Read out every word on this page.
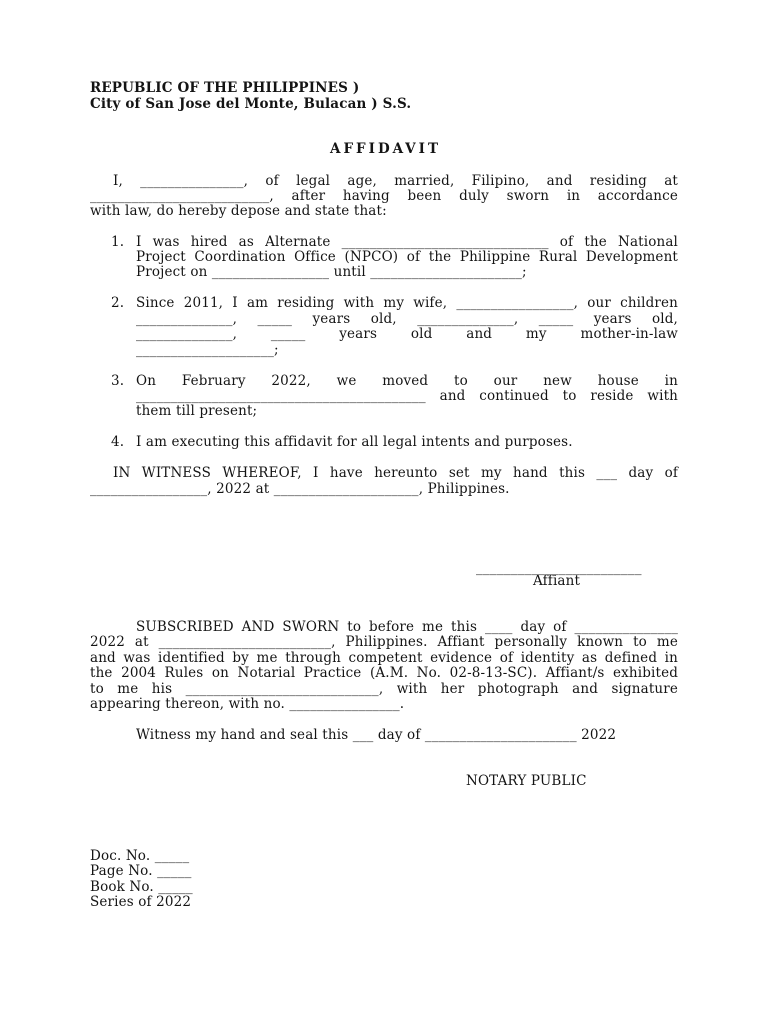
REPUBLIC OF THE PHILIPPINES )
City of San Jose del Monte, Bulacan ) S.S.
AFFIDAVIT
I, _______________, of legal age, married, Filipino, and residing at
__________________________, after having been duly sworn in accordance
with law, do hereby depose and state that:
1. I was hired as Alternate ______________________________ of the National
Project Coordination Office (NPCO) of the Philippine Rural Development
Project on _________________ until ______________________;
2. Since 2011, I am residing with my wife, _________________, our children
______________, _____ years old, ______________, _____ years old,
______________, _____ years old and my mother-in-law
____________________;
3. On February 2022, we moved to our new house in
__________________________________________ and continued to reside with
them till present;
4. I am executing this affidavit for all legal intents and purposes.
IN WITNESS WHEREOF, I have hereunto set my hand this ___ day of
_________________, 2022 at _____________________, Philippines.
________________________
Affiant
SUBSCRIBED AND SWORN to before me this ____ day of _______________
2022 at _________________________, Philippines. Affiant personally known to me
and was identified by me through competent evidence of identity as defined in
the 2004 Rules on Notarial Practice (A.M. No. 02-8-13-SC). Affiant/s exhibited
to me his ____________________________, with her photograph and signature
appearing thereon, with no. ________________.
Witness my hand and seal this ___ day of ______________________ 2022
NOTARY PUBLIC
Doc. No. _____
Page No. _____
Book No. _____
Series of 2022
